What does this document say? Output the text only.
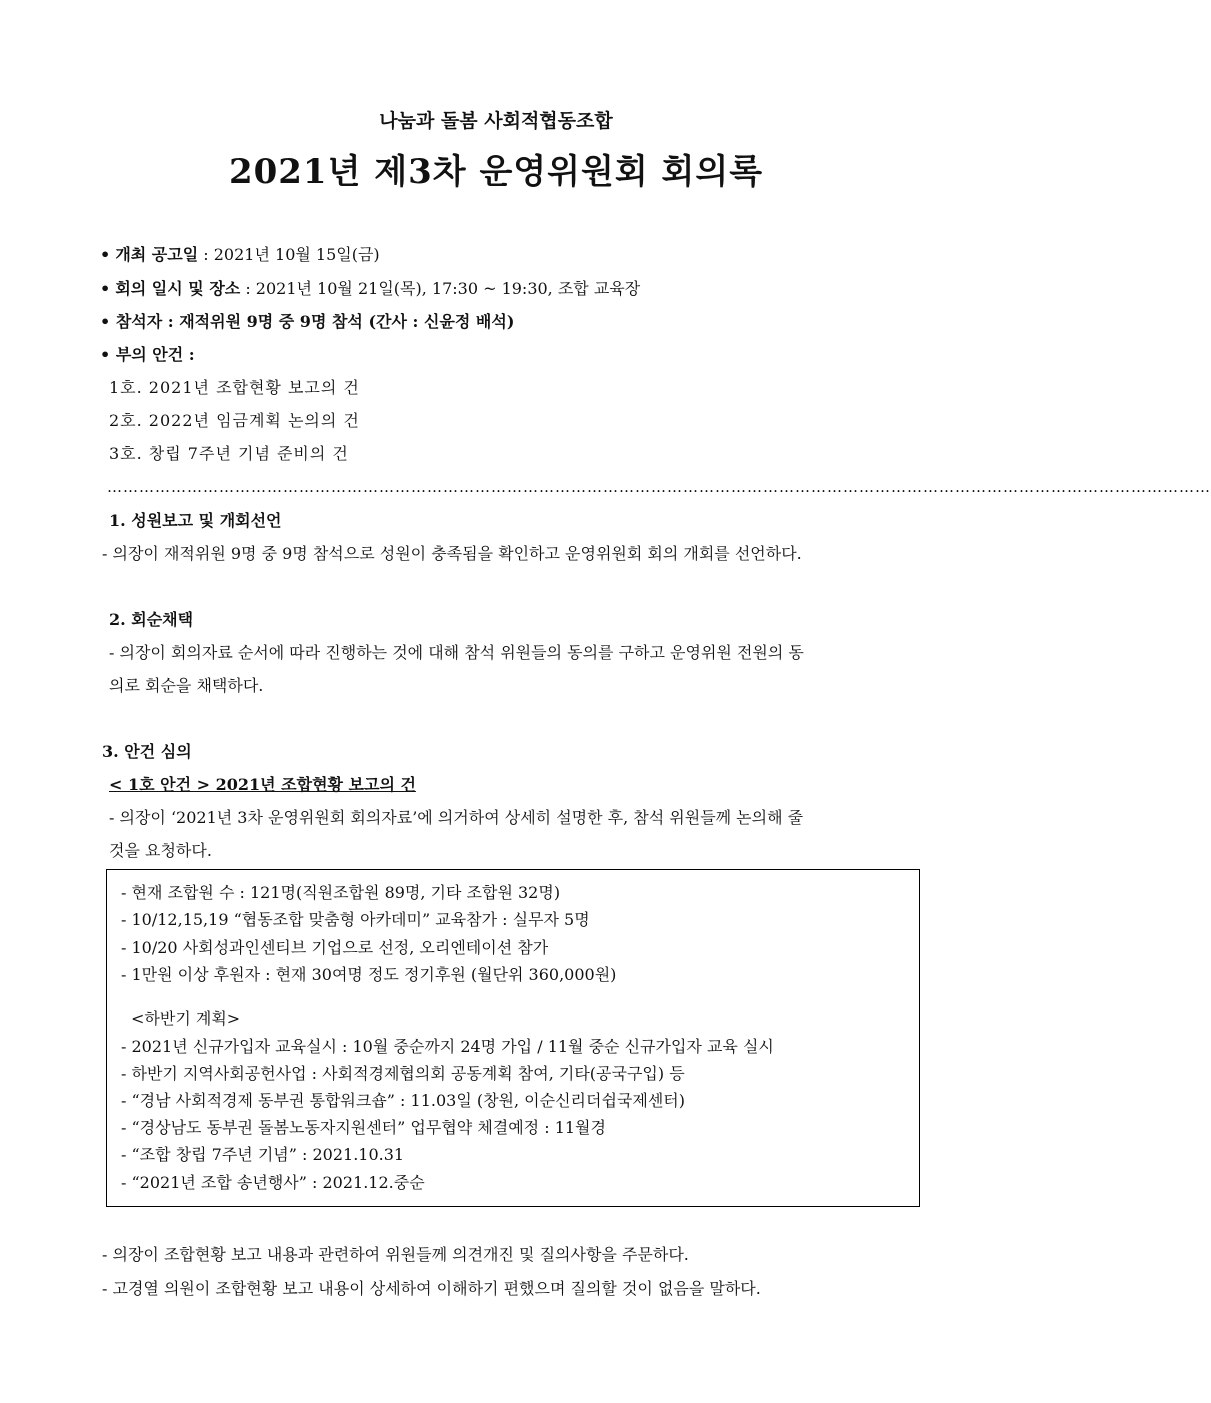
나눔과 돌봄 사회적협동조합
2021년 제3차 운영위원회 회의록
• 개최 공고일 : 2021년 10월 15일(금)
• 회의 일시 및 장소 : 2021년 10월 21일(목), 17:30 ~ 19:30, 조합 교육장
• 참석자 : 재적위원 9명 중 9명 참석 (간사 : 신윤정 배석)
• 부의 안건 :
1호. 2021년 조합현황 보고의 건
2호. 2022년 임금계획 논의의 건
3호. 창립 7주년 기념 준비의 건
………………………………………………………………………………………………………………………………………………………………………………………
1. 성원보고 및 개회선언
- 의장이 재적위원 9명 중 9명 참석으로 성원이 충족됨을 확인하고 운영위원회 회의 개회를 선언하다.
2. 회순채택
- 의장이 회의자료 순서에 따라 진행하는 것에 대해 참석 위원들의 동의를 구하고 운영위원 전원의 동
의로 회순을 채택하다.
3. 안건 심의
< 1호 안건 > 2021년 조합현황 보고의 건
- 의장이 ‘2021년 3차 운영위원회 회의자료’에 의거하여 상세히 설명한 후, 참석 위원들께 논의해 줄
것을 요청하다.
- 현재 조합원 수 : 121명(직원조합원 89명, 기타 조합원 32명)
- 10/12,15,19 “협동조합 맞춤형 아카데미” 교육참가 : 실무자 5명
- 10/20 사회성과인센티브 기업으로 선정, 오리엔테이션 참가
- 1만원 이상 후원자 : 현재 30여명 정도 정기후원 (월단위 360,000원)
<하반기 계획>
- 2021년 신규가입자 교육실시 : 10월 중순까지 24명 가입 / 11월 중순 신규가입자 교육 실시
- 하반기 지역사회공헌사업 : 사회적경제협의회 공동계획 참여, 기타(공국구입) 등
- “경남 사회적경제 동부권 통합워크숍” : 11.03일 (창원, 이순신리더쉽국제센터)
- “경상남도 동부권 돌봄노동자지원센터” 업무협약 체결예정 : 11월경
- “조합 창립 7주년 기념” : 2021.10.31
- “2021년 조합 송년행사” : 2021.12.중순
- 의장이 조합현황 보고 내용과 관련하여 위원들께 의견개진 및 질의사항을 주문하다.
- 고경열 의원이 조합현황 보고 내용이 상세하여 이해하기 편했으며 질의할 것이 없음을 말하다.
